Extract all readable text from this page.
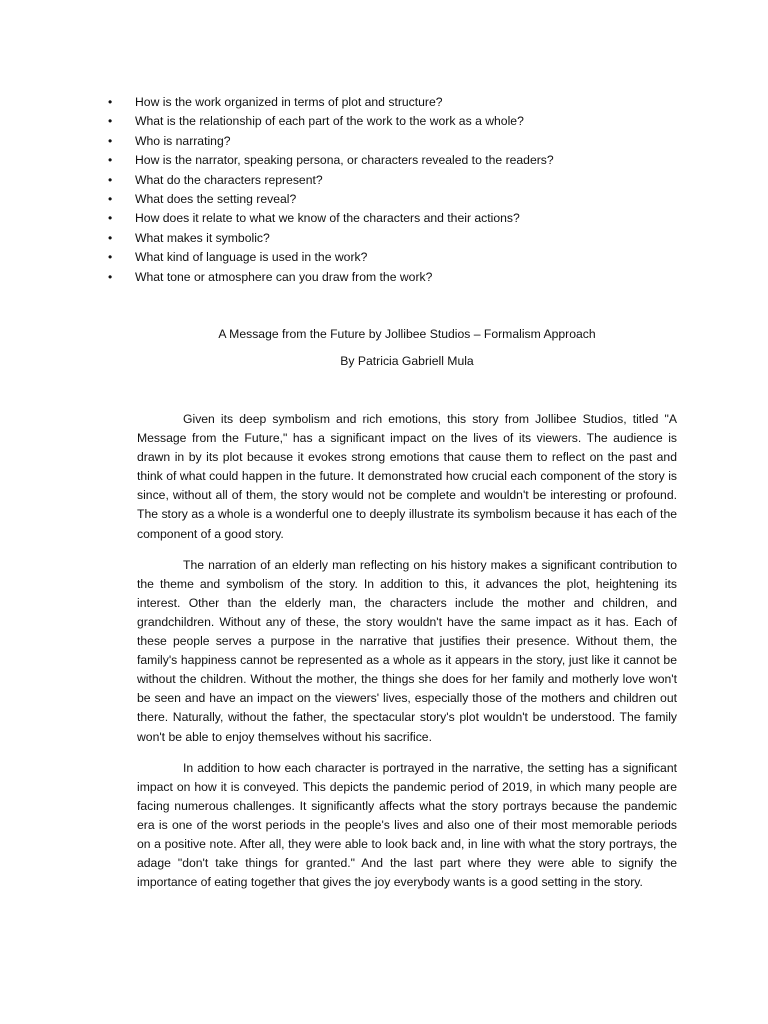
• How is the work organized in terms of plot and structure?
• What is the relationship of each part of the work to the work as a whole?
• Who is narrating?
• How is the narrator, speaking persona, or characters revealed to the readers?
• What do the characters represent?
• What does the setting reveal?
• How does it relate to what we know of the characters and their actions?
• What makes it symbolic?
• What kind of language is used in the work?
• What tone or atmosphere can you draw from the work?
A Message from the Future by Jollibee Studios – Formalism Approach
By Patricia Gabriell Mula

Given its deep symbolism and rich emotions, this story from Jollibee Studios, titled "A Message from the Future," has a significant impact on the lives of its viewers. The audience is drawn in by its plot because it evokes strong emotions that cause them to reflect on the past and think of what could happen in the future. It demonstrated how crucial each component of the story is since, without all of them, the story would not be complete and wouldn't be interesting or profound. The story as a whole is a wonderful one to deeply illustrate its symbolism because it has each of the component of a good story.

The narration of an elderly man reflecting on his history makes a significant contribution to the theme and symbolism of the story. In addition to this, it advances the plot, heightening its interest. Other than the elderly man, the characters include the mother and children, and grandchildren. Without any of these, the story wouldn't have the same impact as it has. Each of these people serves a purpose in the narrative that justifies their presence. Without them, the family's happiness cannot be represented as a whole as it appears in the story, just like it cannot be without the children. Without the mother, the things she does for her family and motherly love won't be seen and have an impact on the viewers' lives, especially those of the mothers and children out there. Naturally, without the father, the spectacular story's plot wouldn't be understood. The family won't be able to enjoy themselves without his sacrifice.

In addition to how each character is portrayed in the narrative, the setting has a significant impact on how it is conveyed. This depicts the pandemic period of 2019, in which many people are facing numerous challenges. It significantly affects what the story portrays because the pandemic era is one of the worst periods in the people's lives and also one of their most memorable periods on a positive note. After all, they were able to look back and, in line with what the story portrays, the adage "don't take things for granted." And the last part where they were able to signify the importance of eating together that gives the joy everybody wants is a good setting in the story.
